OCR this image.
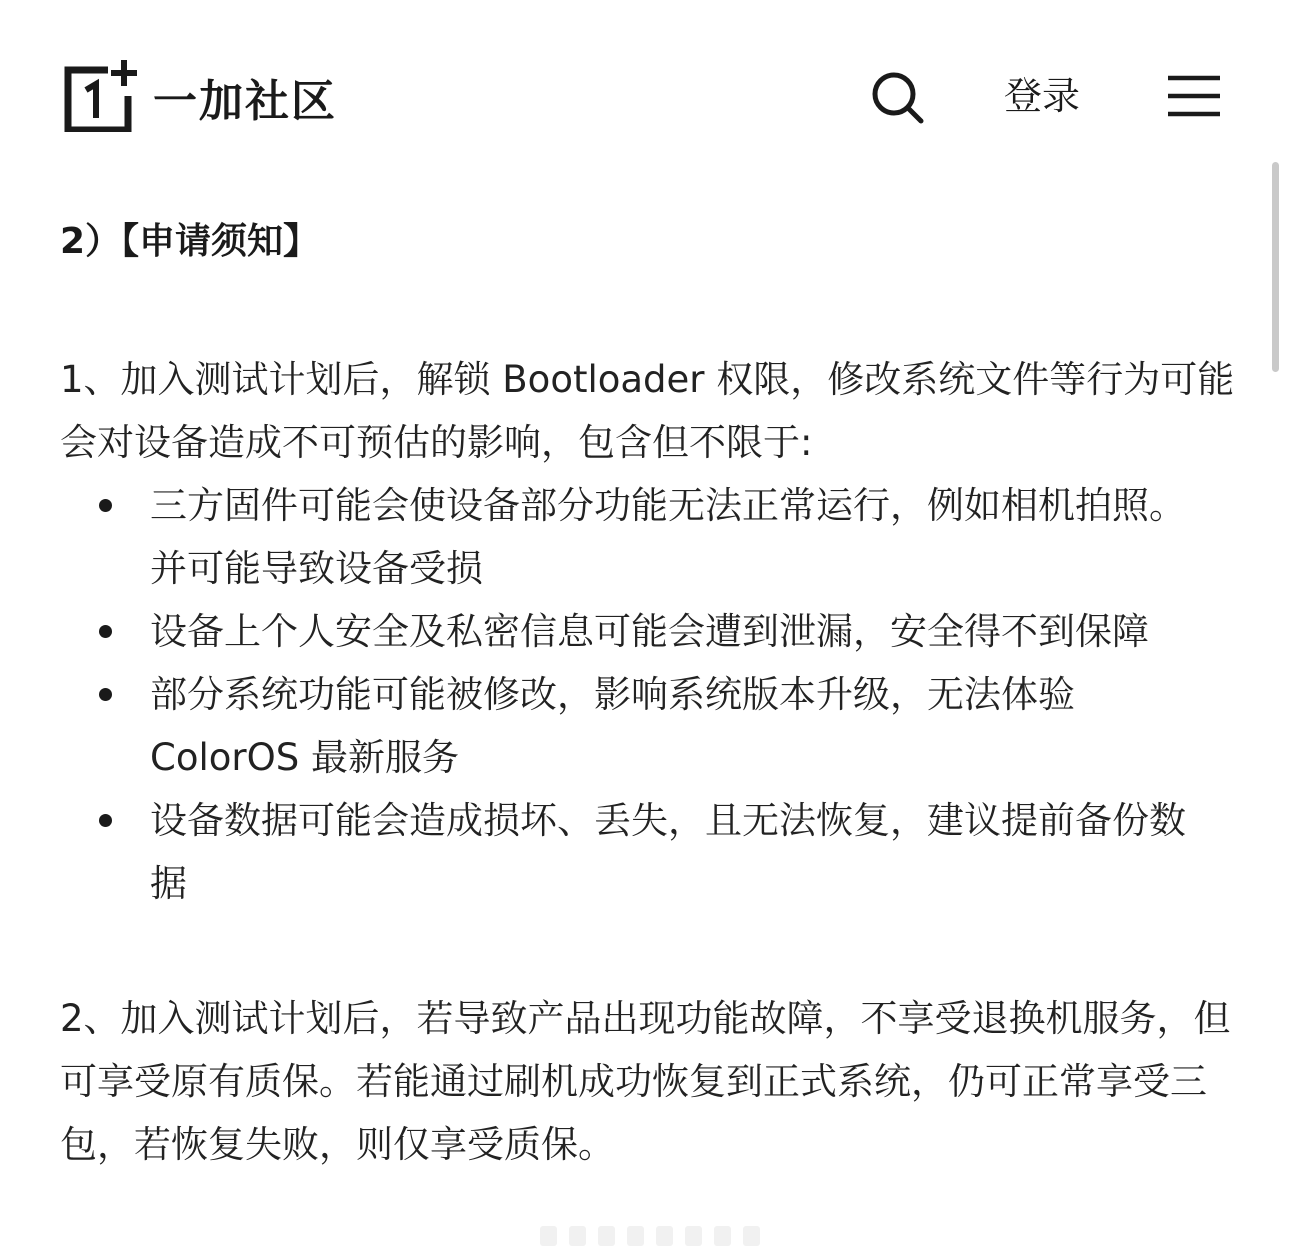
一加社区	登录

2）【申请须知】

1、加入测试计划后，解锁 Bootloader 权限，修改系统文件等行为可能会对设备造成不可预估的影响，包含但不限于:

三方固件可能会使设备部分功能无法正常运行，例如相机拍照。并可能导致设备受损
设备上个人安全及私密信息可能会遭到泄漏，安全得不到保障
部分系统功能可能被修改，影响系统版本升级，无法体验 ColorOS 最新服务
设备数据可能会造成损坏、丢失，且无法恢复，建议提前备份数据

2、加入测试计划后，若导致产品出现功能故障，不享受退换机服务，但可享受原有质保。若能通过刷机成功恢复到正式系统，仍可正常享受三包，若恢复失败，则仅享受质保。
